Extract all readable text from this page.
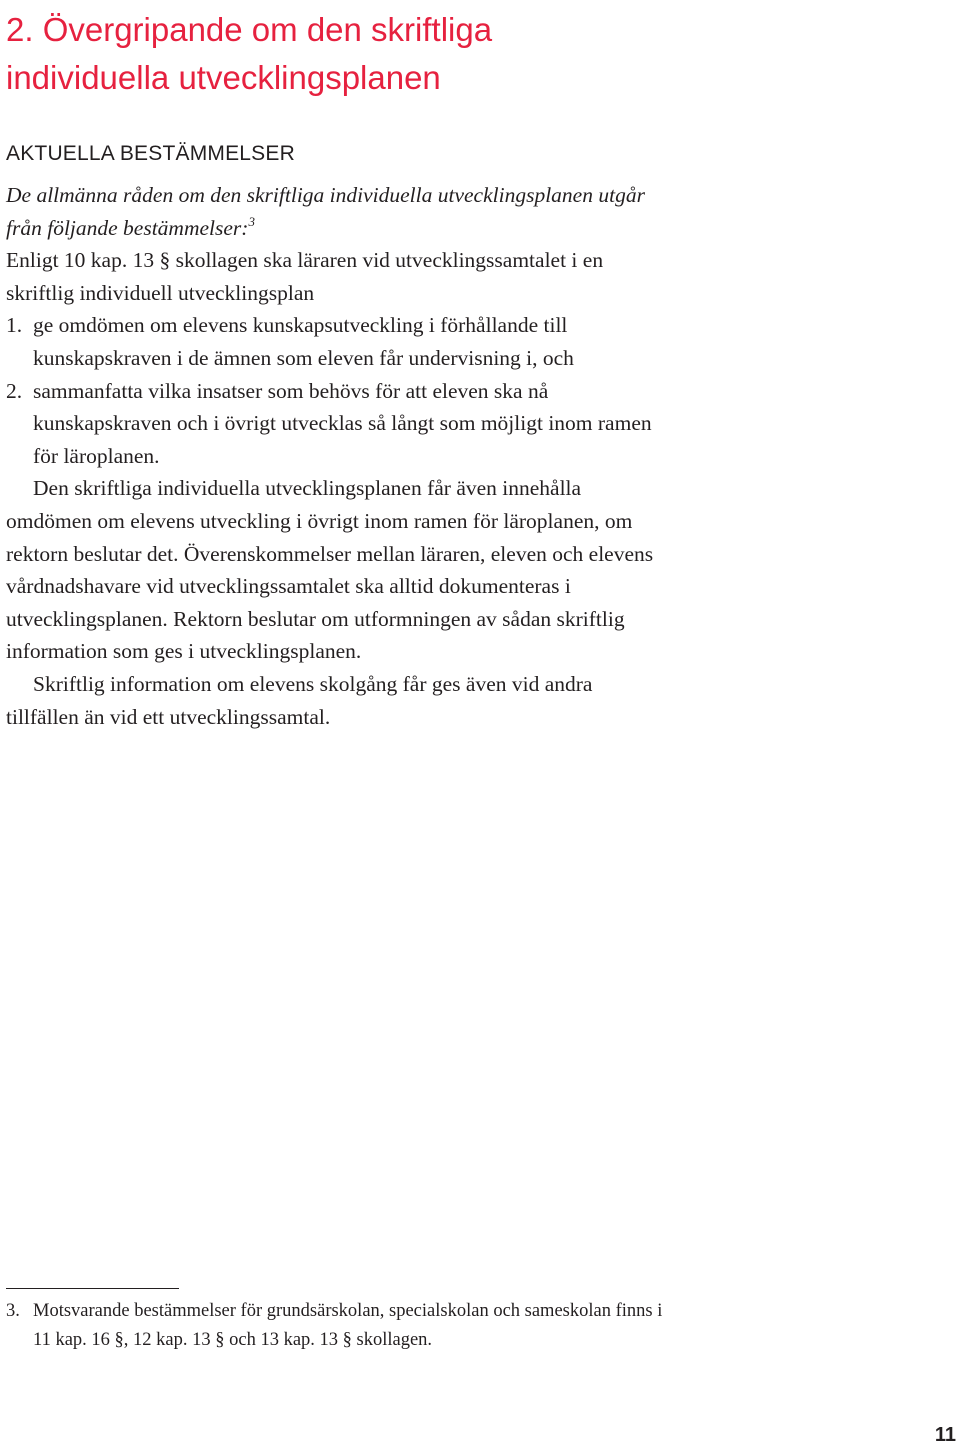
2. Övergripande om den skriftliga
individuella utvecklingsplanen
AKTUELLA BESTÄMMELSER

De allmänna råden om den skriftliga individuella utvecklingsplanen utgår från följande bestämmelser:$^3$

Enligt 10 kap. 13 § skollagen ska läraren vid utvecklingssamtalet i en skriftlig individuell utvecklingsplan

1. ge omdömen om elevens kunskapsutveckling i förhållande till kunskapskraven i de ämnen som eleven får undervisning i, och

2. sammanfatta vilka insatser som behövs för att eleven ska nå kunskapskraven och i övrigt utvecklas så långt som möjligt inom ramen för läroplanen.

Den skriftliga individuella utvecklingsplanen får även innehålla omdömen om elevens utveckling i övrigt inom ramen för läroplanen, om rektorn beslutar det. Överenskommelser mellan läraren, eleven och elevens vårdnadshavare vid utvecklingssamtalet ska alltid dokumenteras i utvecklingsplanen. Rektorn beslutar om utformningen av sådan skriftlig information som ges i utvecklingsplanen.

Skriftlig information om elevens skolgång får ges även vid andra tillfällen än vid ett utvecklingssamtal.

3. Motsvarande bestämmelser för grundsärskolan, specialskolan och sameskolan finns i 11 kap. 16 §, 12 kap. 13 § och 13 kap. 13 § skollagen.

11
